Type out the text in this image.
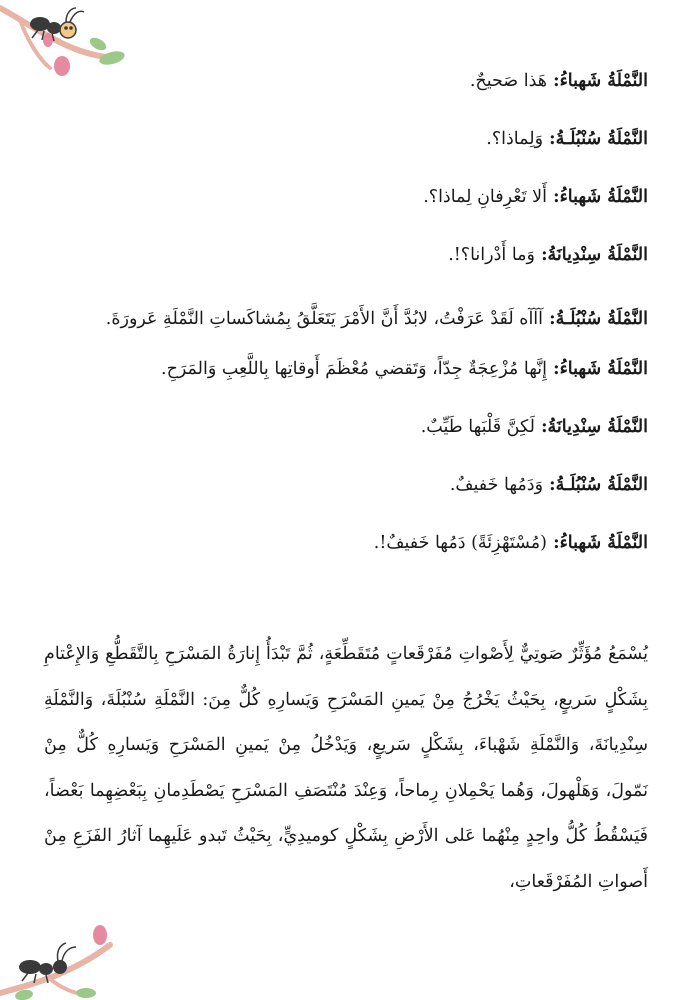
النَّمْلَةُ شَهباءُ: هَذا صَحيحٌ.

النَّمْلَةُ سُنْبُلَـةُ: وَلِماذا؟.

النَّمْلَةُ شَهباءُ: أَلا تَعْرِفانِ لِماذا؟.

النَّمْلَةُ سِنْدِيانَةُ: وَما أَدْرانا؟!.

النَّمْلَةُ سُنْبُلَـةُ: آآآه لَقَدْ عَرَفْتُ، لابُدَّ أَنَّ الأَمْرَ يَتَعَلَّقُ بِمُشاكَساتِ النَّمْلَةِ عَرورَةَ.

النَّمْلَةُ شَهباءُ: إِنَّها مُزْعِجَةٌ جِدّاً، وَتَقضي مُعْظَمَ أَوقاتِها بِاللَّعِبِ وَالمَرَحِ.

النَّمْلَةُ سِنْدِيانَةُ: لَكِنَّ قَلْبَها طَيِّبٌ.

النَّمْلَةُ سُنْبُلَـةُ: وَدَمُها خَفيفٌ.

النَّمْلَةُ شَهباءُ: (مُسْتَهْزِئَةً) دَمُها خَفيفٌ!.

يُسْمَعُ مُؤَثِّرٌ صَوتِيٌّ لِأَصْواتِ مُفَرْقَعاتٍ مُتَقَطِّعَةٍ، ثُمَّ تَبْدَأُ إِنارَةُ المَسْرَحِ بِالتَّقَطُّعِ وَالإِعْتامِ بِشَكْلٍ سَريعٍ، بِحَيْثُ يَخْرُجُ مِنْ يَمينِ المَسْرَحِ وَيَسارِهِ كُلٌّ مِنَ: النَّمْلَةِ سُنْبُلَةَ، وَالنَّمْلَةِ سِنْدِيانَةَ، وَالنَّمْلَةِ شَهْباءَ، بِشَكْلٍ سَريعٍ، وَيَدْخُلُ مِنْ يَمينِ المَسْرَحِ وَيَسارِهِ كُلٌّ مِنْ نَمّولَ، وَهَلْهولَ، وَهُما يَحْمِلانِ رِماحاً، وَعِنْدَ مُنْتَصَفِ المَسْرَحِ يَصْطَدِمانِ بِبَعْضِهِما بَعْضاً، فَيَسْقُطُ كُلُّ واحِدٍ مِنْهُما عَلى الأَرْضِ بِشَكْلٍ كوميدِيٍّ، بِحَيْثُ تَبدو عَلَيهِما آثارُ الفَزَعِ مِنْ أَصواتِ المُفَرْقَعاتِ،
